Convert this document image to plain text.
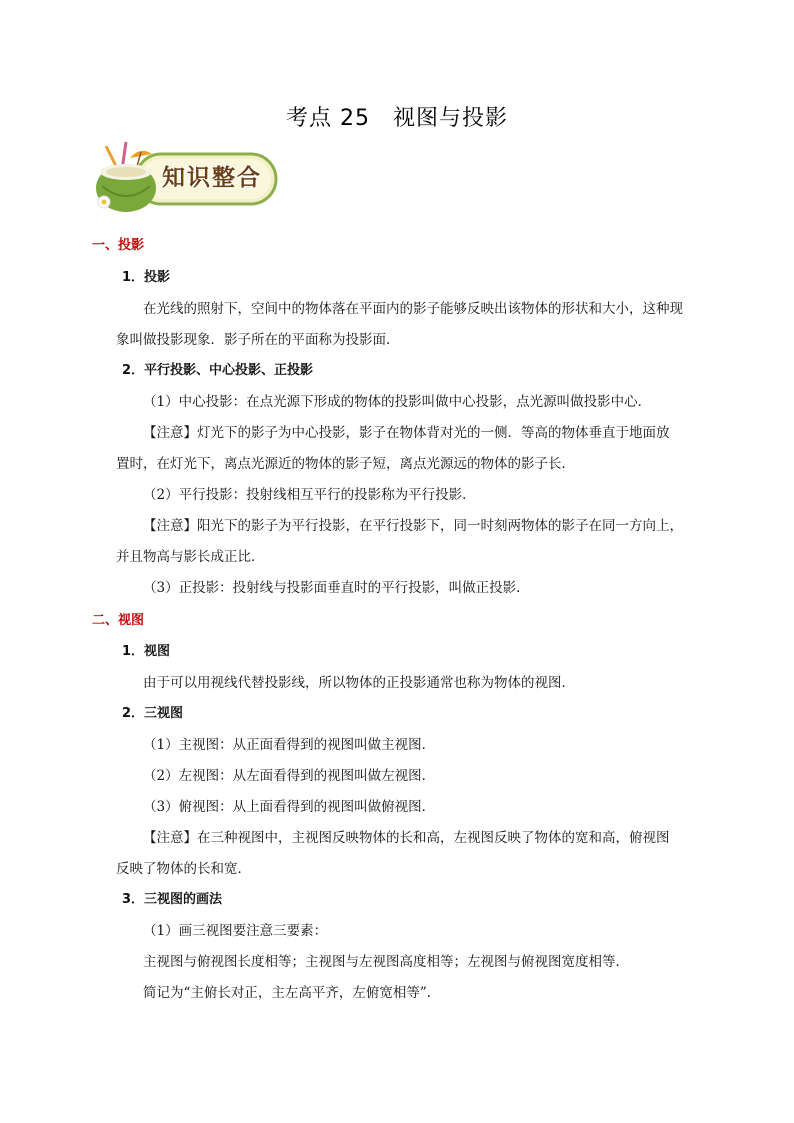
考点 25　视图与投影
知识整合
一、投影
1．投影
在光线的照射下，空间中的物体落在平面内的影子能够反映出该物体的形状和大小，这种现
象叫做投影现象．影子所在的平面称为投影面．
2．平行投影、中心投影、正投影
（1）中心投影：在点光源下形成的物体的投影叫做中心投影，点光源叫做投影中心．
【注意】灯光下的影子为中心投影，影子在物体背对光的一侧．等高的物体垂直于地面放
置时，在灯光下，离点光源近的物体的影子短，离点光源远的物体的影子长．
（2）平行投影：投射线相互平行的投影称为平行投影．
【注意】阳光下的影子为平行投影，在平行投影下，同一时刻两物体的影子在同一方向上，
并且物高与影长成正比．
（3）正投影：投射线与投影面垂直时的平行投影，叫做正投影．
二、视图
1．视图
由于可以用视线代替投影线，所以物体的正投影通常也称为物体的视图．
2．三视图
（1）主视图：从正面看得到的视图叫做主视图．
（2）左视图：从左面看得到的视图叫做左视图．
（3）俯视图：从上面看得到的视图叫做俯视图．
【注意】在三种视图中，主视图反映物体的长和高，左视图反映了物体的宽和高，俯视图
反映了物体的长和宽．
3．三视图的画法
（1）画三视图要注意三要素：
主视图与俯视图长度相等；主视图与左视图高度相等；左视图与俯视图宽度相等．
简记为“主俯长对正，主左高平齐，左俯宽相等”．
